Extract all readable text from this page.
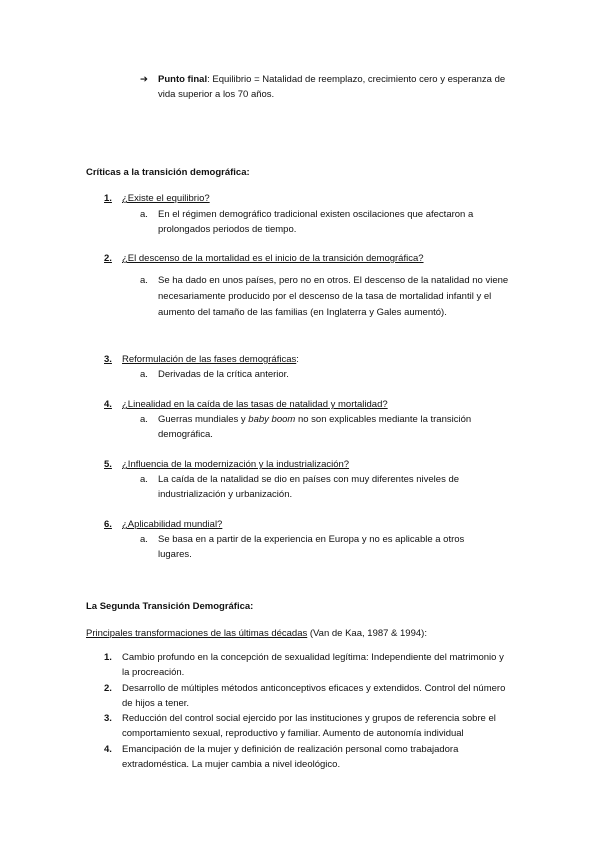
➔ Punto final: Equilibrio = Natalidad de reemplazo, crecimiento cero y esperanza de vida superior a los 70 años.
Críticas a la transición demográfica:
1. ¿Existe el equilibrio?
a. En el régimen demográfico tradicional existen oscilaciones que afectaron a prolongados periodos de tiempo.
2. ¿El descenso de la mortalidad es el inicio de la transición demográfica?
a. Se ha dado en unos países, pero no en otros. El descenso de la natalidad no viene necesariamente producido por el descenso de la tasa de mortalidad infantil y el aumento del tamaño de las familias (en Inglaterra y Gales aumentó).
3. Reformulación de las fases demográficas:
a. Derivadas de la crítica anterior.
4. ¿Linealidad en la caída de las tasas de natalidad y mortalidad?
a. Guerras mundiales y baby boom no son explicables mediante la transición demográfica.
5. ¿Influencia de la modernización y la industrialización?
a. La caída de la natalidad se dio en países con muy diferentes niveles de industrialización y urbanización.
6. ¿Aplicabilidad mundial?
a. Se basa en a partir de la experiencia en Europa y no es aplicable a otros lugares.
La Segunda Transición Demográfica:
Principales transformaciones de las últimas décadas (Van de Kaa, 1987 & 1994):
1. Cambio profundo en la concepción de sexualidad legítima: Independiente del matrimonio y la procreación.
2. Desarrollo de múltiples métodos anticonceptivos eficaces y extendidos. Control del número de hijos a tener.
3. Reducción del control social ejercido por las instituciones y grupos de referencia sobre el comportamiento sexual, reproductivo y familiar. Aumento de autonomía individual
4. Emancipación de la mujer y definición de realización personal como trabajadora extradoméstica. La mujer cambia a nivel ideológico.
